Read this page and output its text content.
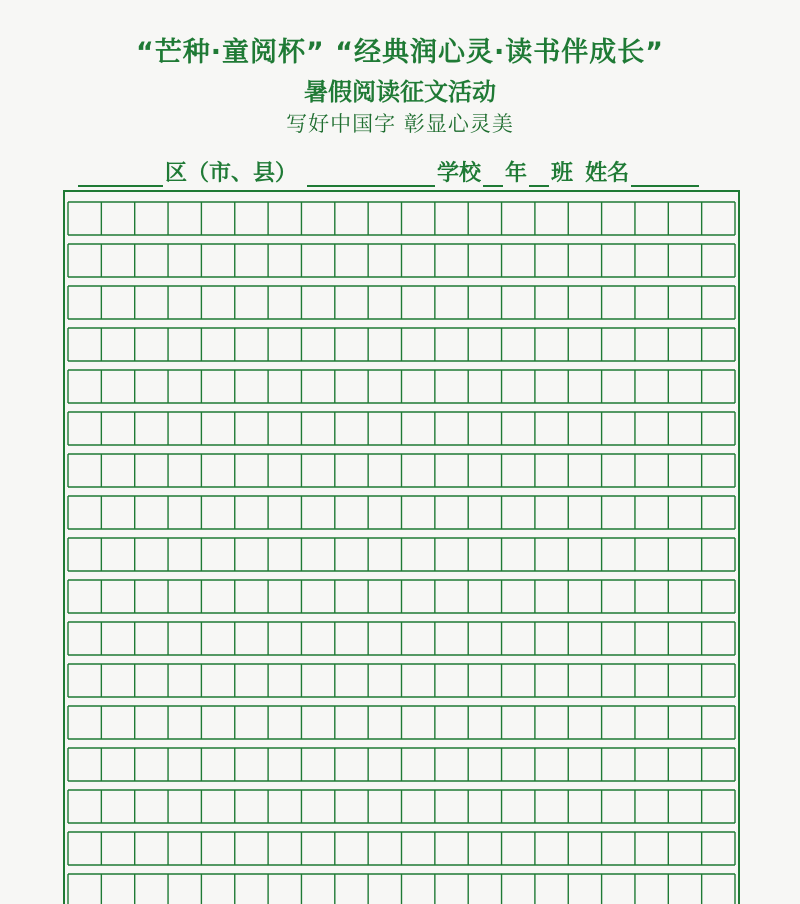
“芒种·童阅杯” “经典润心灵·读书伴成长”
暑假阅读征文活动
写好中国字 彰显心灵美
区（市、县）	学校 年 班 姓名
